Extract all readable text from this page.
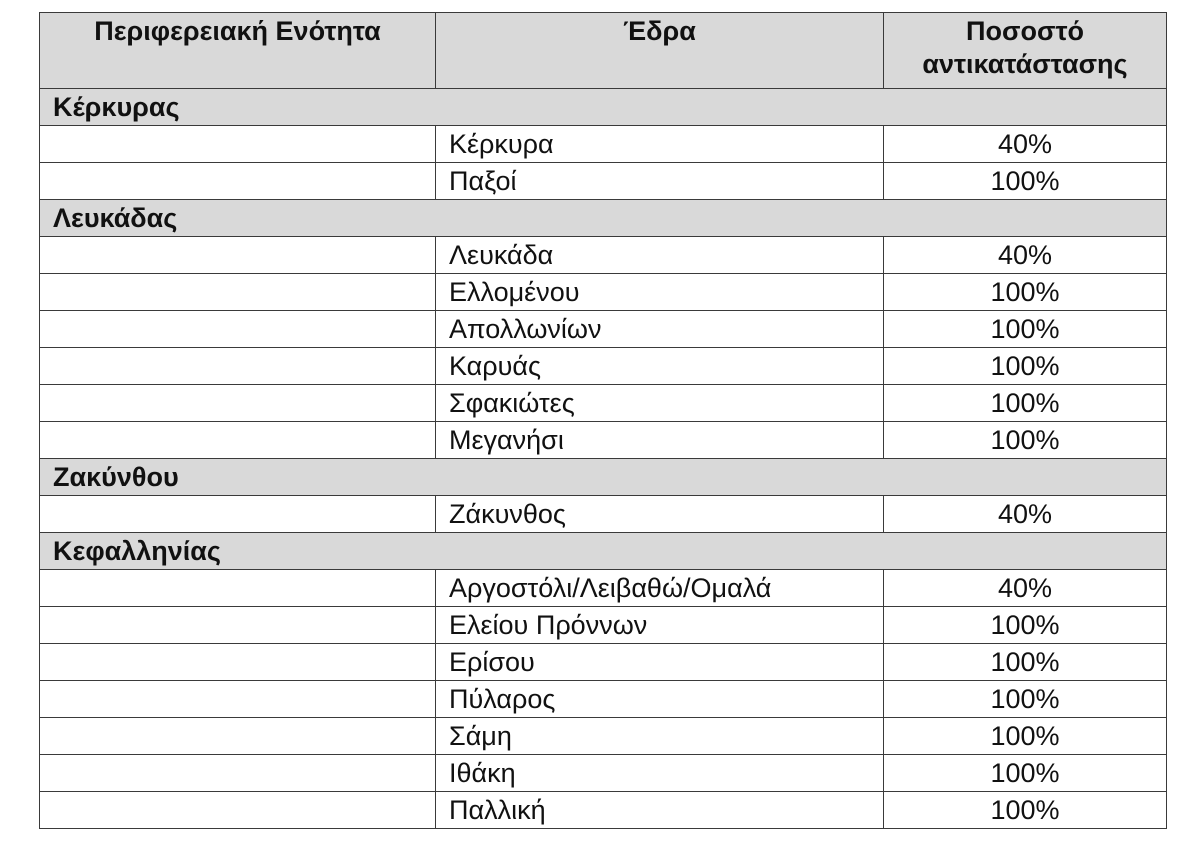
Περιφερειακή Ενότητα	Έδρα	Ποσοστό αντικατάστασης
Κέρκυρας		
	Κέρκυρα	40%
	Παξοί	100%
Λευκάδας		
	Λευκάδα	40%
	Ελλομένου	100%
	Απολλωνίων	100%
	Καρυάς	100%
	Σφακιώτες	100%
	Μεγανήσι	100%
Ζακύνθου		
	Ζάκυνθος	40%
Κεφαλληνίας		
	Αργοστόλι/Λειβαθώ/Ομαλά	40%
	Ελείου Πρόννων	100%
	Ερίσου	100%
	Πύλαρος	100%
	Σάμη	100%
	Ιθάκη	100%
	Παλλική	100%
